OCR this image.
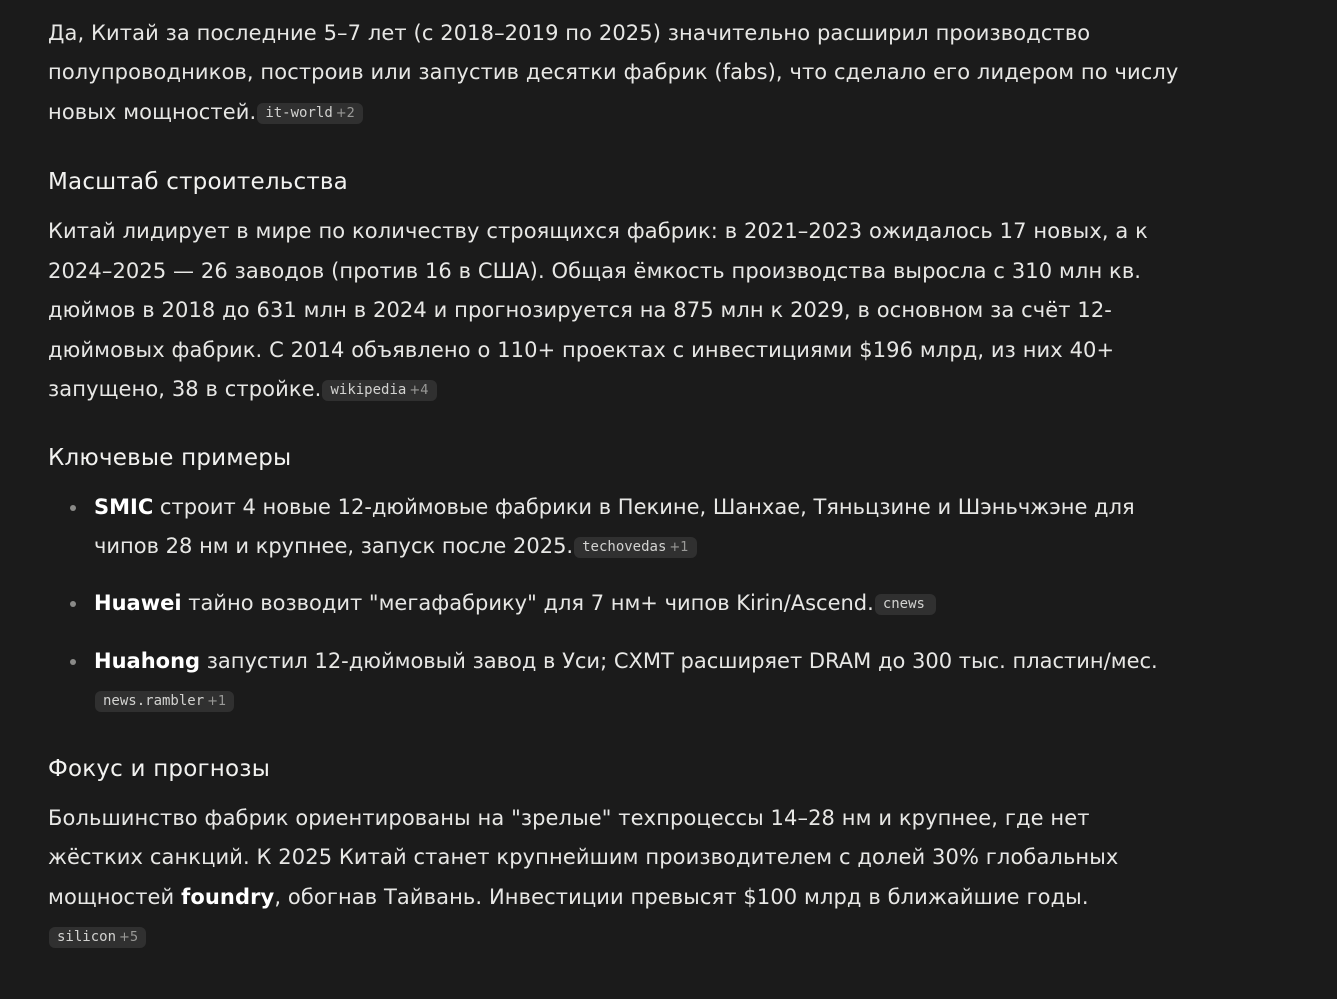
Да, Китай за последние 5–7 лет (с 2018–2019 по 2025) значительно расширил производство полупроводников, построив или запустив десятки фабрик (fabs), что сделало его лидером по числу новых мощностей. it-world +2

Масштаб строительства

Китай лидирует в мире по количеству строящихся фабрик: в 2021–2023 ожидалось 17 новых, а к 2024–2025 — 26 заводов (против 16 в США). Общая ёмкость производства выросла с 310 млн кв. дюймов в 2018 до 631 млн в 2024 и прогнозируется на 875 млн к 2029, в основном за счёт 12-дюймовых фабрик. С 2014 объявлено о 110+ проектах с инвестициями $196 млрд, из них 40+ запущено, 38 в стройке. wikipedia +4

Ключевые примеры
SMIC строит 4 новые 12-дюймовые фабрики в Пекине, Шанхае, Тяньцзине и Шэньчжэне для чипов 28 нм и крупнее, запуск после 2025. techovedas +1
Huawei тайно возводит "мегафабрику" для 7 нм+ чипов Kirin/Ascend. cnews
Huahong запустил 12-дюймовый завод в Уси; CXMT расширяет DRAM до 300 тыс. пластин/мес.news.rambler +1
Фокус и прогнозы

Большинство фабрик ориентированы на "зрелые" техпроцессы 14–28 нм и крупнее, где нет жёстких санкций. К 2025 Китай станет крупнейшим производителем с долей 30% глобальных мощностей foundry, обогнав Тайвань. Инвестиции превысят $100 млрд в ближайшие годы.silicon +5
